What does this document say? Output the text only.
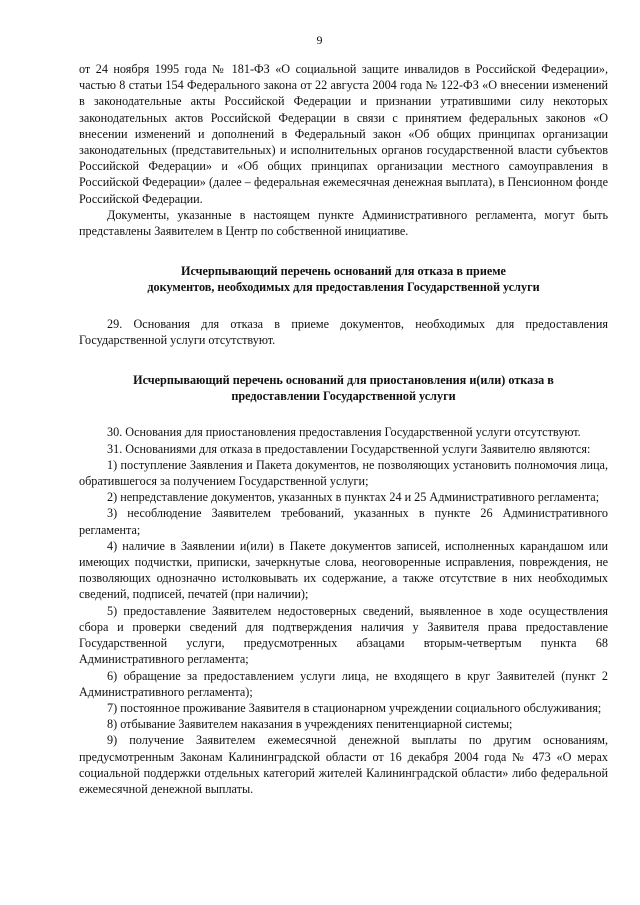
9

от 24 ноября 1995 года № 181-ФЗ «О социальной защите инвалидов в Российской Федерации», частью 8 статьи 154 Федерального закона от 22 августа 2004 года № 122-ФЗ «О внесении изменений в законодательные акты Российской Федерации и признании утратившими силу некоторых законодательных актов Российской Федерации в связи с принятием федеральных законов «О внесении изменений и дополнений в Федеральный закон «Об общих принципах организации законодательных (представительных) и исполнительных органов государственной власти субъектов Российской Федерации» и «Об общих принципах организации местного самоуправления в Российской Федерации» (далее – федеральная ежемесячная денежная выплата), в Пенсионном фонде Российской Федерации.

Документы, указанные в настоящем пункте Административного регламента, могут быть представлены Заявителем в Центр по собственной инициативе.

Исчерпывающий перечень оснований для отказа в приеме
документов, необходимых для предоставления Государственной услуги

29. Основания для отказа в приеме документов, необходимых для предоставления Государственной услуги отсутствуют.

Исчерпывающий перечень оснований для приостановления и(или) отказа в
предоставлении Государственной услуги

30. Основания для приостановления предоставления Государственной услуги отсутствуют.

31. Основаниями для отказа в предоставлении Государственной услуги Заявителю являются:

1) поступление Заявления и Пакета документов, не позволяющих установить полномочия лица, обратившегося за получением Государственной услуги;

2) непредставление документов, указанных в пунктах 24 и 25 Административного регламента;

3) несоблюдение Заявителем требований, указанных в пункте 26 Административного регламента;

4) наличие в Заявлении и(или) в Пакете документов записей, исполненных карандашом или имеющих подчистки, приписки, зачеркнутые слова, неоговоренные исправления, повреждения, не позволяющих однозначно истолковывать их содержание, а также отсутствие в них необходимых сведений, подписей, печатей (при наличии);

5) предоставление Заявителем недостоверных сведений, выявленное в ходе осуществления сбора и проверки сведений для подтверждения наличия у Заявителя права предоставление Государственной услуги, предусмотренных абзацами вторым-четвертым пункта 68 Административного регламента;

6) обращение за предоставлением услуги лица, не входящего в круг Заявителей (пункт 2 Административного регламента);

7) постоянное проживание Заявителя в стационарном учреждении социального обслуживания;

8) отбывание Заявителем наказания в учреждениях пенитенциарной системы;

9) получение Заявителем ежемесячной денежной выплаты по другим основаниям, предусмотренным Законам Калининградской области от 16 декабря 2004 года № 473 «О мерах социальной поддержки отдельных категорий жителей Калининградской области» либо федеральной ежемесячной денежной выплаты.
